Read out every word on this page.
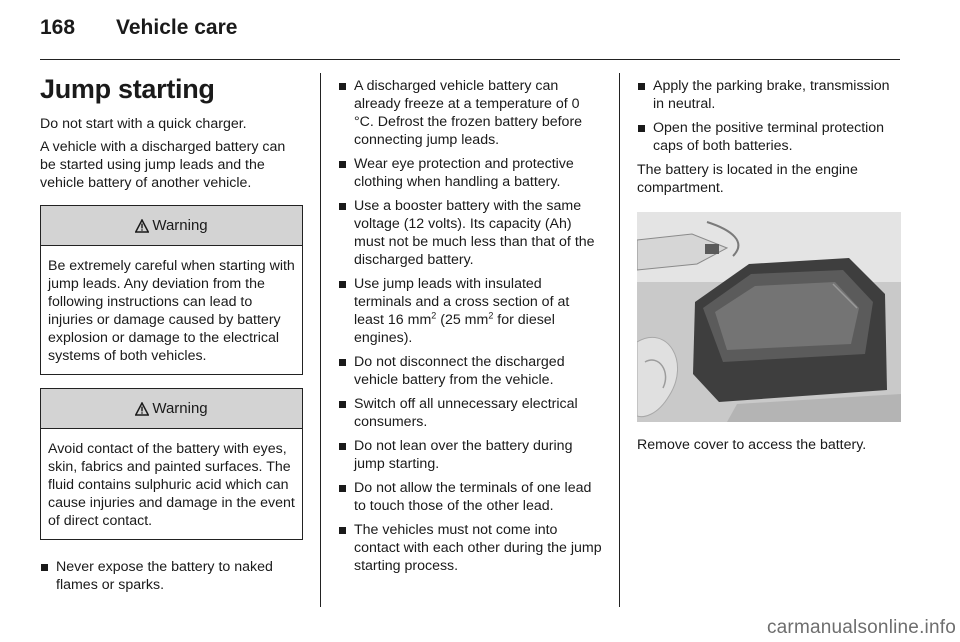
168 Vehicle care
Jump starting
Do not start with a quick charger.
A vehicle with a discharged battery can be started using jump leads and the vehicle battery of another vehicle.
Warning
Be extremely careful when starting with jump leads. Any deviation from the following instructions can lead to injuries or damage caused by battery explosion or damage to the electrical systems of both vehicles.
Warning
Avoid contact of the battery with eyes, skin, fabrics and painted surfaces. The fluid contains sulphuric acid which can cause injuries and damage in the event of direct contact.
Never expose the battery to naked flames or sparks.
A discharged vehicle battery can already freeze at a temperature of 0 °C. Defrost the frozen battery before connecting jump leads.
Wear eye protection and protective clothing when handling a battery.
Use a booster battery with the same voltage (12 volts). Its capacity (Ah) must not be much less than that of the discharged battery.
Use jump leads with insulated terminals and a cross section of at least 16 $mm^2$ (25 $mm^2$ for diesel engines).
Do not disconnect the discharged vehicle battery from the vehicle.
Switch off all unnecessary electrical consumers.
Do not lean over the battery during jump starting.
Do not allow the terminals of one lead to touch those of the other lead.
The vehicles must not come into contact with each other during the jump starting process.
Apply the parking brake, transmission in neutral.
Open the positive terminal protection caps of both batteries.
The battery is located in the engine compartment.
Remove cover to access the battery.
carmanualsonline.info
